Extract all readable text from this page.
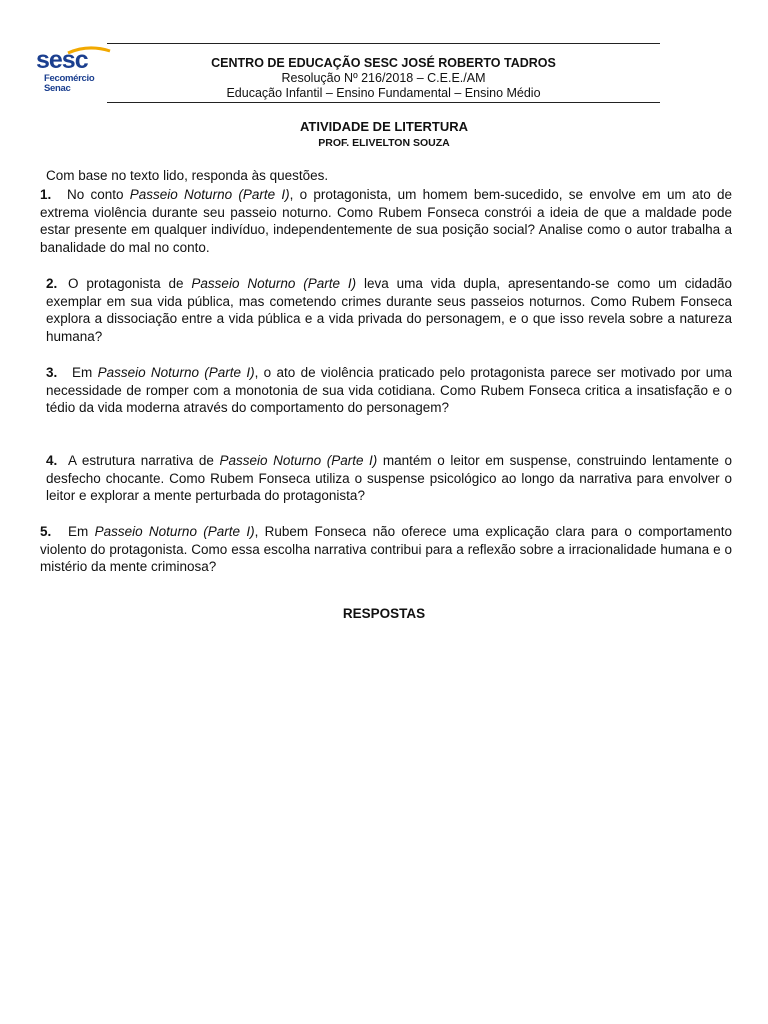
sesc
Fecomércio
Senac
CENTRO DE EDUCAÇÃO SESC JOSÉ ROBERTO TADROS
Resolução Nº 216/2018 – C.E.E./AM
Educação Infantil – Ensino Fundamental – Ensino Médio
ATIVIDADE DE LITERTURA
PROF. ELIVELTON SOUZA
Com base no texto lido, responda às questões.
1. No conto Passeio Noturno (Parte I), o protagonista, um homem bem-sucedido, se envolve em um ato de extrema violência durante seu passeio noturno. Como Rubem Fonseca constrói a ideia de que a maldade pode estar presente em qualquer indivíduo, independentemente de sua posição social? Analise como o autor trabalha a banalidade do mal no conto.
2. O protagonista de Passeio Noturno (Parte I) leva uma vida dupla, apresentando-se como um cidadão exemplar em sua vida pública, mas cometendo crimes durante seus passeios noturnos. Como Rubem Fonseca explora a dissociação entre a vida pública e a vida privada do personagem, e o que isso revela sobre a natureza humana?
3. Em Passeio Noturno (Parte I), o ato de violência praticado pelo protagonista parece ser motivado por uma necessidade de romper com a monotonia de sua vida cotidiana. Como Rubem Fonseca critica a insatisfação e o tédio da vida moderna através do comportamento do personagem?
4. A estrutura narrativa de Passeio Noturno (Parte I) mantém o leitor em suspense, construindo lentamente o desfecho chocante. Como Rubem Fonseca utiliza o suspense psicológico ao longo da narrativa para envolver o leitor e explorar a mente perturbada do protagonista?
5. Em Passeio Noturno (Parte I), Rubem Fonseca não oferece uma explicação clara para o comportamento violento do protagonista. Como essa escolha narrativa contribui para a reflexão sobre a irracionalidade humana e o mistério da mente criminosa?
RESPOSTAS
